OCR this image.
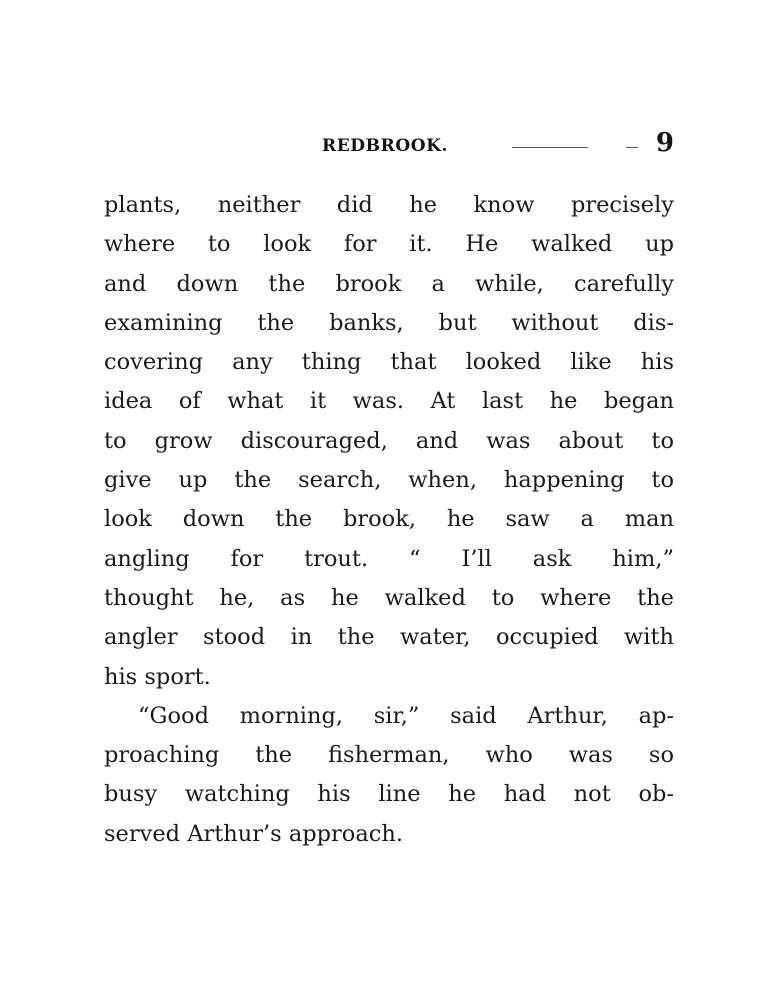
REDBROOK.	9
plants, neither did he know precisely
where to look for it. He walked up
and down the brook a while, carefully
examining the banks, but without dis-
covering any thing that looked like his
idea of what it was. At last he began
to grow discouraged, and was about to
give up the search, when, happening to
look down the brook, he saw a man
angling for trout. “ I’ll ask him,”
thought he, as he walked to where the
angler stood in the water, occupied with
his sport.
“Good morning, sir,” said Arthur, ap-
proaching the fisherman, who was so
busy watching his line he had not ob-
served Arthur’s approach.
